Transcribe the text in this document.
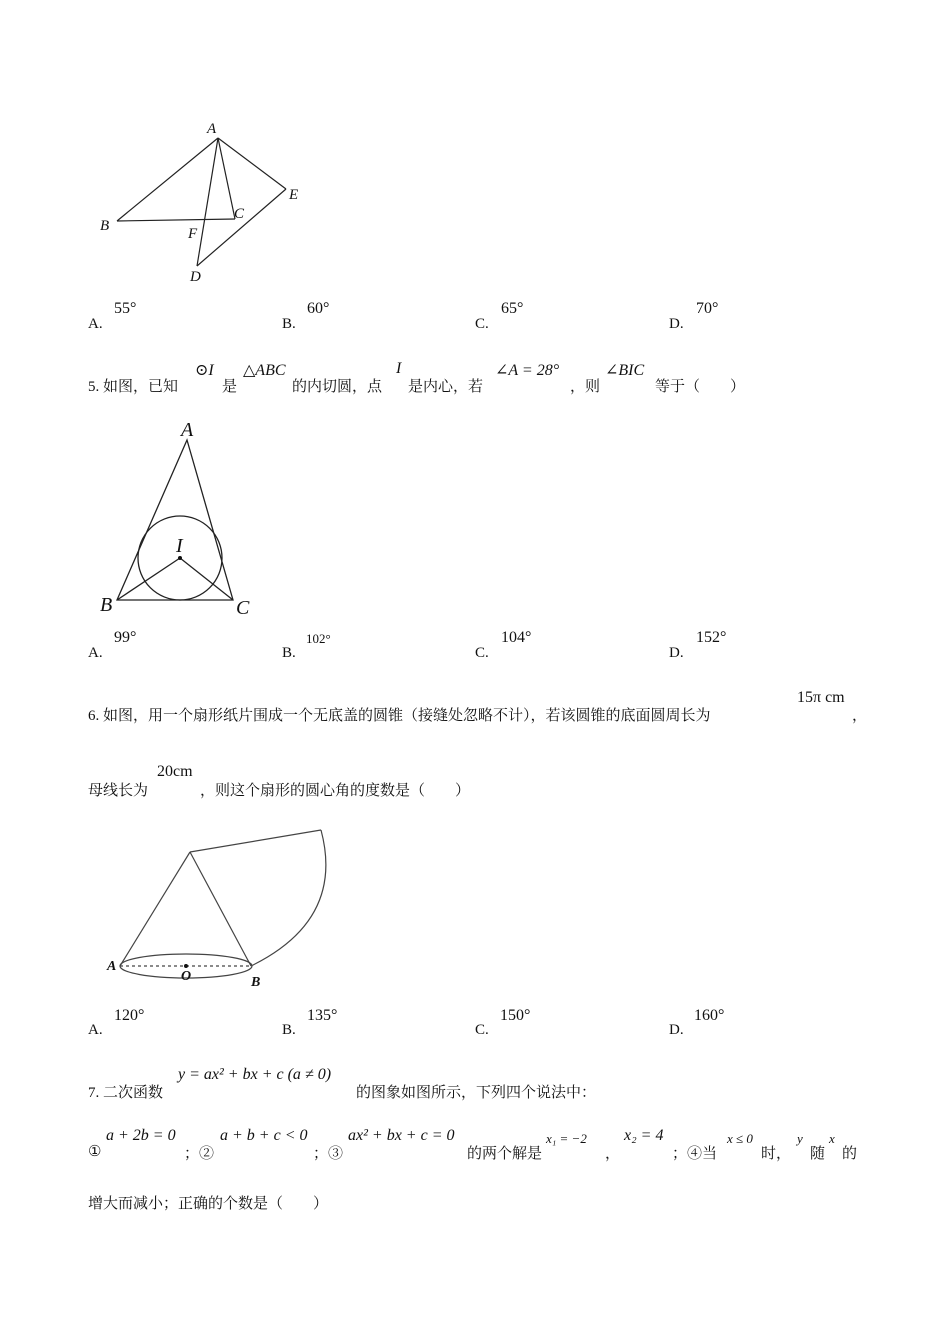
A
B
C
E
F
D
A
I
B	C
A
O	B
A.
55°
B.
60°
C.
65°
D.
70°
5. 如图，已知
⊙I
是
△ABC
的内切圆，点
I
是内心，若
∠A = 28°
，则
∠BIC
等于（　　）
A.
99°
B.
102°
C.
104°
D.
152°
6. 如图，用一个扇形纸片围成一个无底盖的圆锥（接缝处忽略不计），若该圆锥的底面圆周长为
15π cm
，
母线长为
20cm
，则这个扇形的圆心角的度数是（　　）
A.
120°
B.
135°
C.
150°
D.
160°
7. 二次函数
y = ax² + bx + c (a ≠ 0)
的图象如图所示，下列四个说法中：
①
a + 2b = 0
；②
a + b + c < 0
；③
ax² + bx + c = 0
的两个解是
x₁ = −2
，
x₂ = 4
；④当
x ≤ 0
时，
y
随
x
的
增大而减小；正确的个数是（　　）
